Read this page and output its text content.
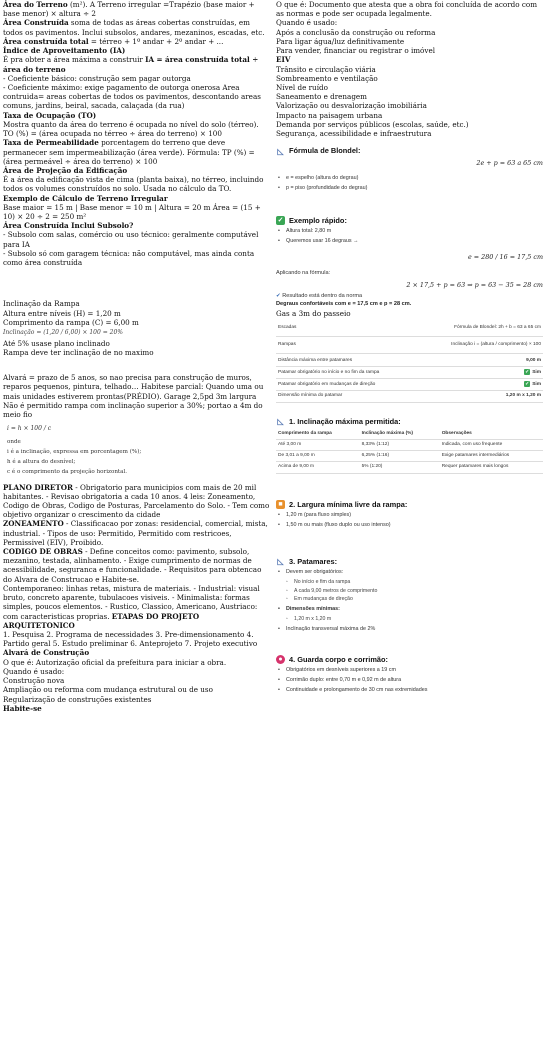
Área do Terreno (m²). A Terreno irregular =Trapézio (base maior + base menor) × altura ÷ 2
Área Construída soma de todas as áreas cobertas construídas, em todos os pavimentos. Inclui subsolos, andares, mezaninos, escadas, etc.
Área construída total = térreo + 1º andar + 2º andar + ...
Índice de Aproveitamento (IA)
É pra obter a área máxima a construir IA = área construída total ÷ área do terreno
- Coeficiente básico: construção sem pagar outorga
- Coeficiente máximo: exige pagamento de outorga onerosa Area contruida= areas cobertas de todos os pavimentos, descontando areas comuns, jardins, beiral, sacada, calaçada (da rua)
Taxa de Ocupação (TO)
Mostra quanto da área do terreno é ocupada no nível do solo (térreo). TO (%) = (área ocupada no térreo ÷ área do terreno) × 100
Taxa de Permeabilidade porcentagem do terreno que deve permanecer sem impermeabilização (área verde). Fórmula: TP (%) = (área permeável ÷ área do terreno) × 100
Área de Projeção da Edificação
É a área da edificação vista de cima (planta baixa), no térreo, incluindo todos os volumes construídos no solo. Usada no cálculo da TO.
Exemplo de Cálculo de Terreno Irregular
Base maior = 15 m | Base menor = 10 m | Altura = 20 m Área = (15 + 10) × 20 ÷ 2 = 250 m²
Área Construída Inclui Subsolo?
- Subsolo com salas, comércio ou uso técnico: geralmente computável para IA
- Subsolo só com garagem técnica: não computável, mas ainda conta como área construída
Inclinação da Rampa
Altura entre níveis (H) = 1,20 m
Comprimento da rampa (C) = 6,00 m
Inclinação = (1,20 / 6,00) × 100 = 20%
Até 5% usase plano inclinado
Rampa deve ter inclinação de no maximo
Alvará = prazo de 5 anos, so nao precisa para construção de muros, reparos pequenos, pintura, telhado… Habitese parcial: Quando uma ou mais unidades estiverem prontas(PRÉDIO). Garage 2,5pd 3m largura Não é permitido rampa com inclinação superior a 30%; portao a 4m do meio fio
i = h × 100 / c
onde
i é a inclinação, expressa em porcentagem (%);
h é a altura do desnível;
c é o comprimento da projeção horizontal.
PLANO DIRETOR - Obrigatorio para municipios com mais de 20 mil habitantes. - Revisao obrigatoria a cada 10 anos. 4 leis: Zoneamento, Codigo de Obras, Codigo de Posturas, Parcelamento do Solo. - Tem como objetivo organizar o crescimento da cidade
ZONEAMENTO - Classificacao por zonas: residencial, comercial, mista, industrial. - Tipos de uso: Permitido, Permitido com restricoes, Permissivel (EIV), Proibido.
CODIGO DE OBRAS - Define conceitos como: pavimento, subsolo, mezanino, testada, alinhamento. - Exige cumprimento de normas de acessibilidade, seguranca e funcionalidade. - Requisitos para obtencao do Alvara de Construcao e Habite-se.
Contemporaneo: linhas retas, mistura de materiais. - Industrial: visual bruto, concreto aparente, tubulacoes visiveis. - Minimalista: formas simples, poucos elementos. - Rustico, Classico, Americano, Austriaco: com caracteristicas proprias. ETAPAS DO PROJETO ARQUITETONICO
1. Pesquisa 2. Programa de necessidades 3. Pre-dimensionamento 4. Partido geral 5. Estudo preliminar 6. Anteprojeto 7. Projeto executivo
Alvará de Construção
O que é: Autorização oficial da prefeitura para iniciar a obra.
Quando é usado:
Construção nova
Ampliação ou reforma com mudança estrutural ou de uso
Regularização de construções existentes
Habite-se
O que é: Documento que atesta que a obra foi concluída de acordo com as normas e pode ser ocupada legalmente.
Quando é usado:
Após a conclusão da construção ou reforma
Para ligar água/luz definitivamente
Para vender, financiar ou registrar o imóvel
EIV
Trânsito e circulação viária
Sombreamento e ventilação
Nível de ruído
Saneamento e drenagem
Valorização ou desvalorização imobiliária
Impacto na paisagem urbana
Demanda por serviços públicos (escolas, saúde, etc.)
Segurança, acessibilidade e infraestrutura
◺ Fórmula de Blondel:
2e + p = 63 a 65 cm
• e = espelho (altura do degrau)
• p = piso (profundidade do degrau)
✓ Exemplo rápido:
• Altura total: 2,80 m
• Queremos usar 16 degraus →
e = 280 / 16 = 17,5 cm
Aplicando na fórmula:
2 × 17,5 + p = 63 ⇒ p = 63 − 35 = 28 cm
✔ Resultado está dentro da norma
Degraus confortáveis com e = 17,5 cm e p = 28 cm.
Gas a 3m do passeio
Escadas	Fórmula de Blondel: 2h + b = 63 a 65 cm
Rampas	Inclinação i = (altura / comprimento) × 100
Distância máxima entre patamares	9,00 m
Patamar obrigatório no início e no fim da rampa	✓ Sim
Patamar obrigatório em mudanças de direção	✓ Sim
Dimensão mínima do patamar	1,20 m x 1,20 m
◺ 1. Inclinação máxima permitida:
Comprimento da rampa	Inclinação máxima (%)	Observações
Até 3,00 m	8,33% (1:12)	Indicada, com uso frequente
De 3,01 a 9,00 m	6,25% (1:16)	Exige patamares intermediários
Acima de 9,00 m	5% (1:20)	Requer patamares mais longos
■ 2. Largura mínima livre da rampa:
• 1,20 m (para fluxo simples)
• 1,50 m ou mais (fluxo duplo ou uso intenso)
◺ 3. Patamares:
• Devem ser obrigatórios:
◦ No início e fim da rampa
◦ A cada 9,00 metros de comprimento
◦ Em mudanças de direção
• Dimensões mínimas:
◦ 1,20 m x 1,20 m
• Inclinação transversal máxima de 2%
● 4. Guarda corpo e corrimão:
• Obrigatórios em desníveis superiores a 19 cm
• Corrimão duplo: entre 0,70 m e 0,92 m de altura
• Continuidade e prolongamento de 30 cm nas extremidades
